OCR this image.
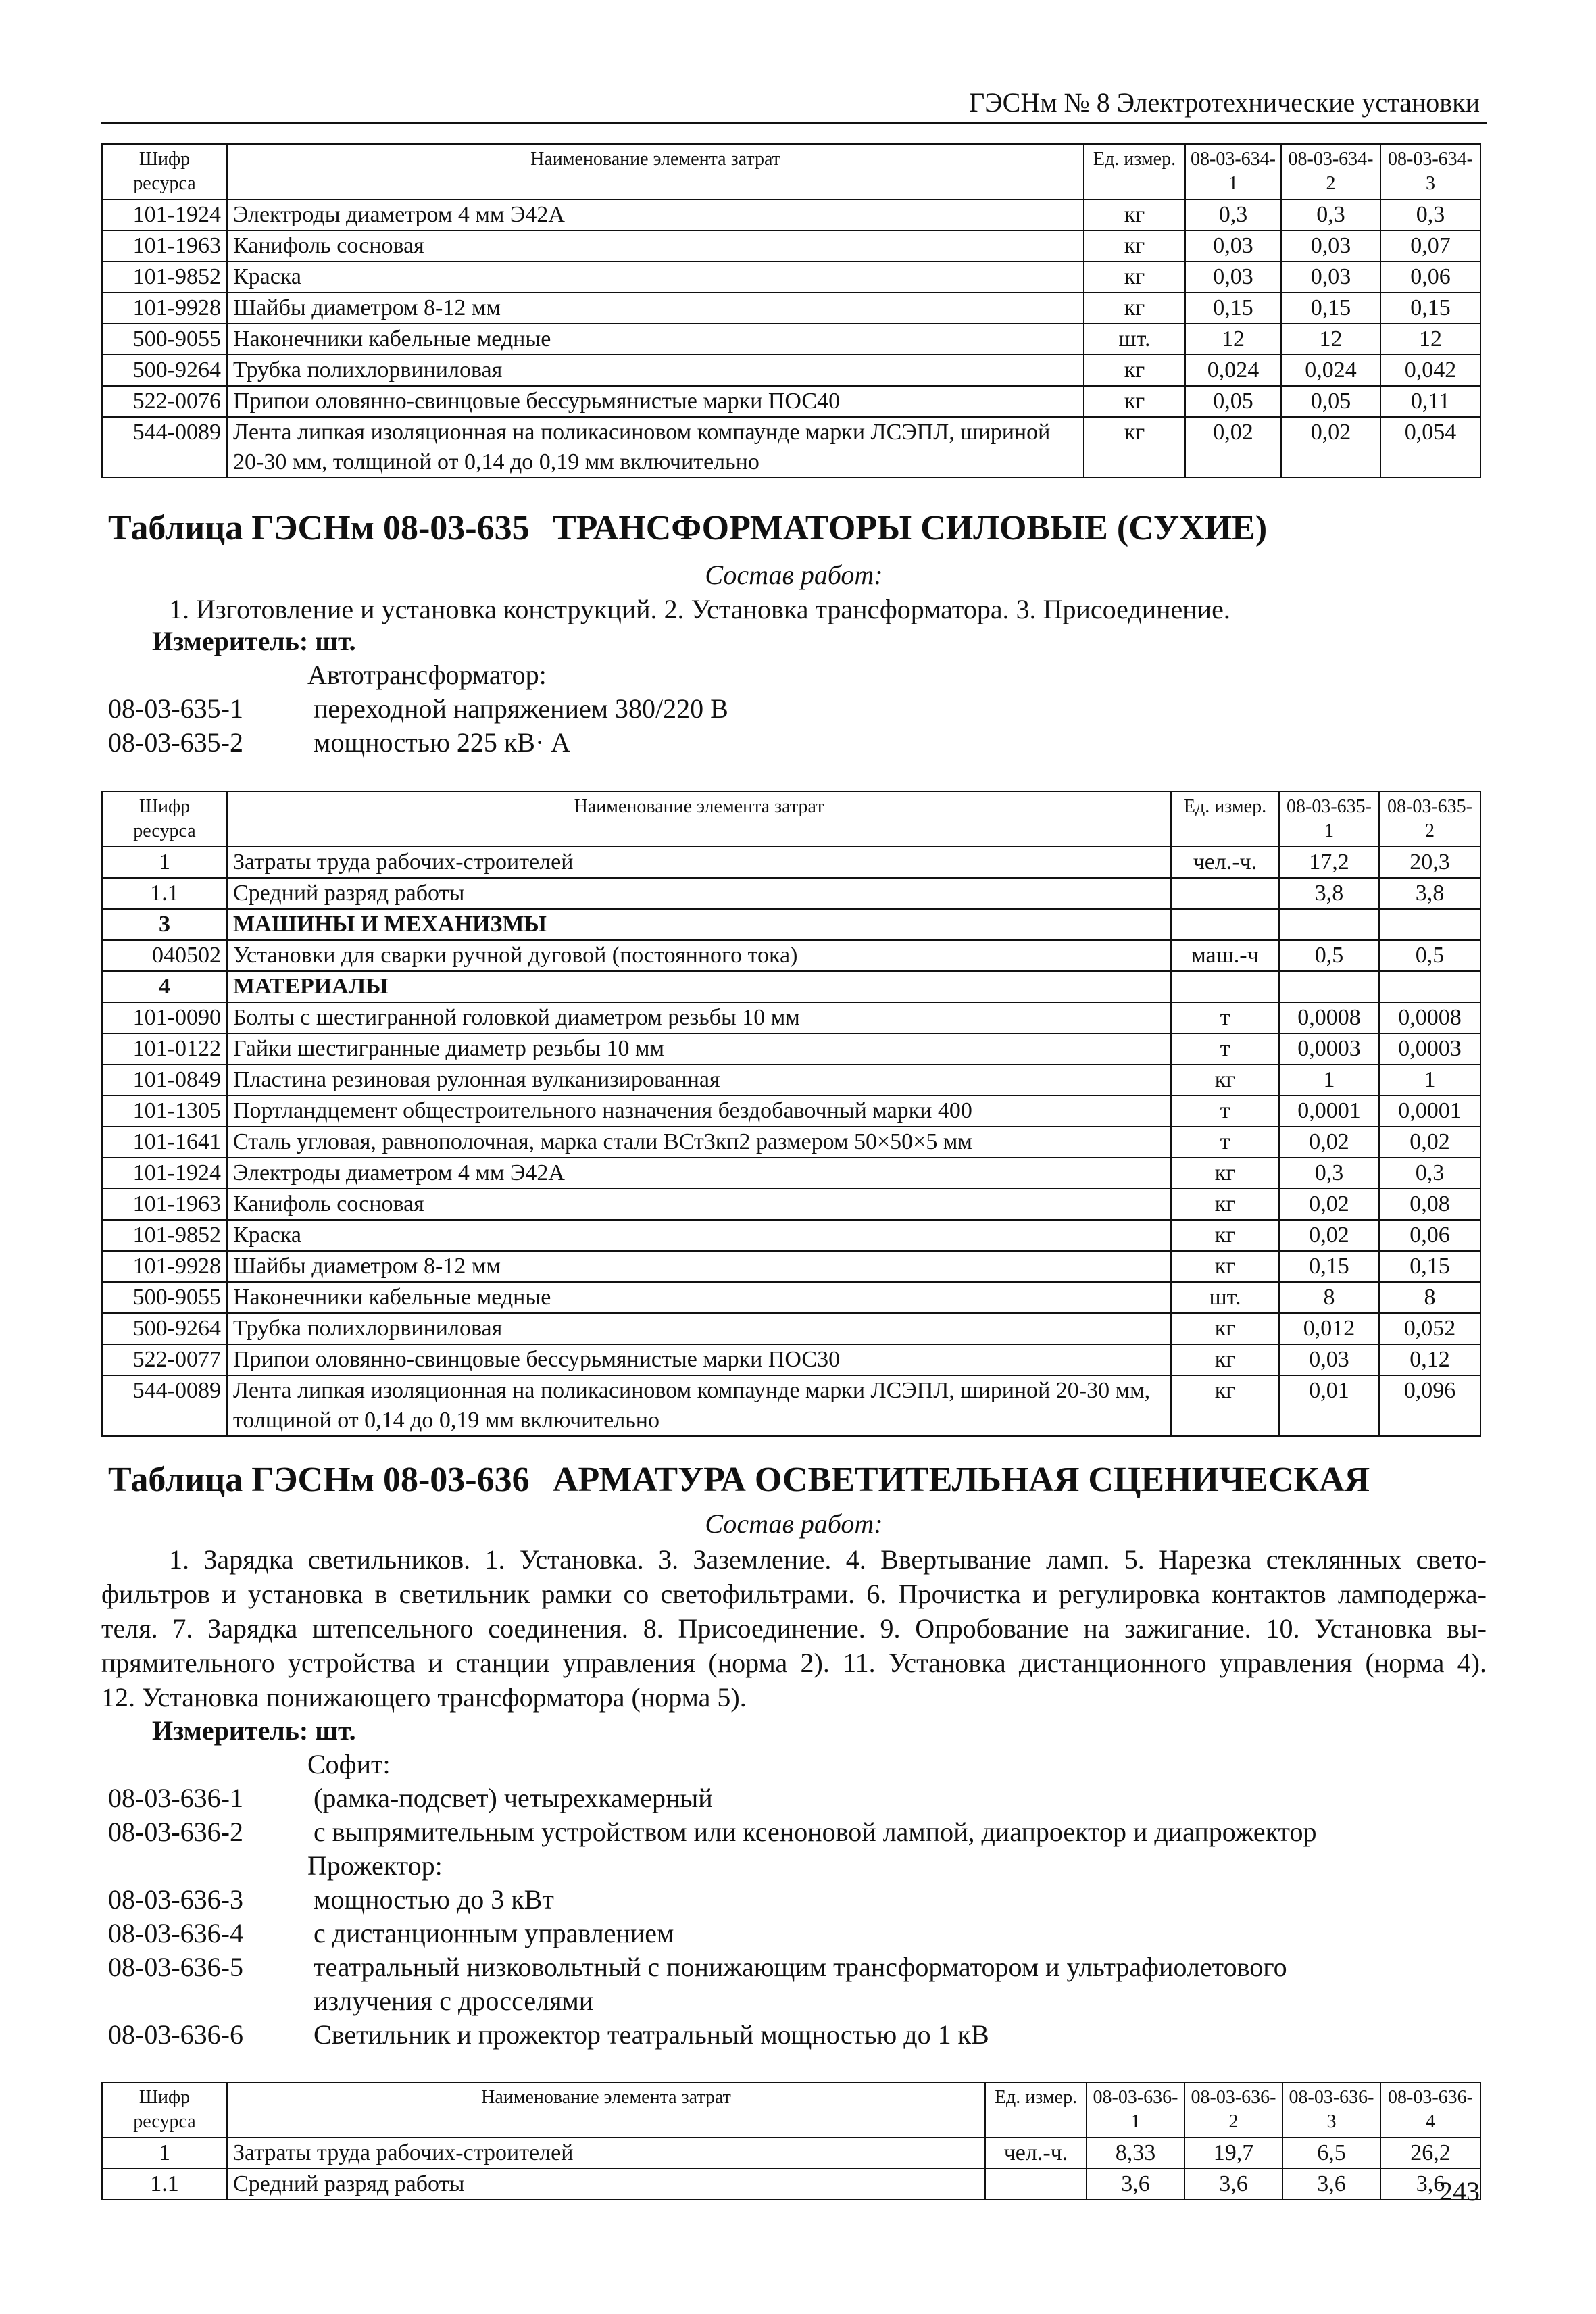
ГЭСНм № 8 Электротехнические установки
Шифр ресурса	Наименование элемента затрат	Ед. измер.	08-03-634-1	08-03-634-2	08-03-634-3
101-1924	Электроды диаметром 4 мм Э42А	кг	0,3	0,3	0,3
101-1963	Канифоль сосновая	кг	0,03	0,03	0,07
101-9852	Краска	кг	0,03	0,03	0,06
101-9928	Шайбы диаметром 8-12 мм	кг	0,15	0,15	0,15
500-9055	Наконечники кабельные медные	шт.	12	12	12
500-9264	Трубка полихлорвиниловая	кг	0,024	0,024	0,042
522-0076	Припои оловянно-свинцовые бессурьмянистые марки ПОС40	кг	0,05	0,05	0,11
544-0089	Лента липкая изоляционная на поликасиновом компаунде марки ЛСЭПЛ, шириной 20-30 мм, толщиной от 0,14 до 0,19 мм включительно	кг	0,02	0,02	0,054
Таблица ГЭСНм 08-03-635 ТРАНСФОРМАТОРЫ СИЛОВЫЕ (СУХИЕ)
Состав работ:
1. Изготовление и установка конструкций. 2. Установка трансформатора. 3. Присоединение.
Измеритель: шт.
Автотрансформатор:
08-03-635-1	переходной напряжением 380/220 В
08-03-635-2	мощностью 225 кВ· А
Шифр ресурса	Наименование элемента затрат	Ед. измер.	08-03-635-1	08-03-635-2
1	Затраты труда рабочих-строителей	чел.-ч.	17,2	20,3
1.1	Средний разряд работы		3,8	3,8
3	МАШИНЫ И МЕХАНИЗМЫ			
040502	Установки для сварки ручной дуговой (постоянного тока)	маш.-ч	0,5	0,5
4	МАТЕРИАЛЫ			
101-0090	Болты с шестигранной головкой диаметром резьбы 10 мм	т	0,0008	0,0008
101-0122	Гайки шестигранные диаметр резьбы 10 мм	т	0,0003	0,0003
101-0849	Пластина резиновая рулонная вулканизированная	кг	1	1
101-1305	Портландцемент общестроительного назначения бездобавочный марки 400	т	0,0001	0,0001
101-1641	Сталь угловая, равнополочная, марка стали ВСт3кп2 размером 50×50×5 мм	т	0,02	0,02
101-1924	Электроды диаметром 4 мм Э42А	кг	0,3	0,3
101-1963	Канифоль сосновая	кг	0,02	0,08
101-9852	Краска	кг	0,02	0,06
101-9928	Шайбы диаметром 8-12 мм	кг	0,15	0,15
500-9055	Наконечники кабельные медные	шт.	8	8
500-9264	Трубка полихлорвиниловая	кг	0,012	0,052
522-0077	Припои оловянно-свинцовые бессурьмянистые марки ПОС30	кг	0,03	0,12
544-0089	Лента липкая изоляционная на поликасиновом компаунде марки ЛСЭПЛ, шириной 20-30 мм, толщиной от 0,14 до 0,19 мм включительно	кг	0,01	0,096
Таблица ГЭСНм 08-03-636 АРМАТУРА ОСВЕТИТЕЛЬНАЯ СЦЕНИЧЕСКАЯ
Состав работ:
1. Зарядка светильников. 1. Установка. 3. Заземление. 4. Ввертывание ламп. 5. Нарезка стеклянных свето-
фильтров и установка в светильник рамки со светофильтрами. 6. Прочистка и регулировка контактов ламподержа-
теля. 7. Зарядка штепсельного соединения. 8. Присоединение. 9. Опробование на зажигание. 10. Установка вы-
прямительного устройства и станции управления (норма 2). 11. Установка дистанционного управления (норма 4).
12. Установка понижающего трансформатора (норма 5).
Измеритель: шт.
Софит:
08-03-636-1	(рамка-подсвет) четырехкамерный
08-03-636-2	с выпрямительным устройством или ксеноновой лампой, диапроектор и диапрожектор
Прожектор:
08-03-636-3	мощностью до 3 кВт
08-03-636-4	с дистанционным управлением
08-03-636-5	театральный низковольтный с понижающим трансформатором и ультрафиолетового излучения с дросселями
08-03-636-6	Светильник и прожектор театральный мощностью до 1 кВ
Шифр ресурса	Наименование элемента затрат	Ед. измер.	08-03-636-1	08-03-636-2	08-03-636-3	08-03-636-4
1	Затраты труда рабочих-строителей	чел.-ч.	8,33	19,7	6,5	26,2
1.1	Средний разряд работы		3,6	3,6	3,6	3,6
243
